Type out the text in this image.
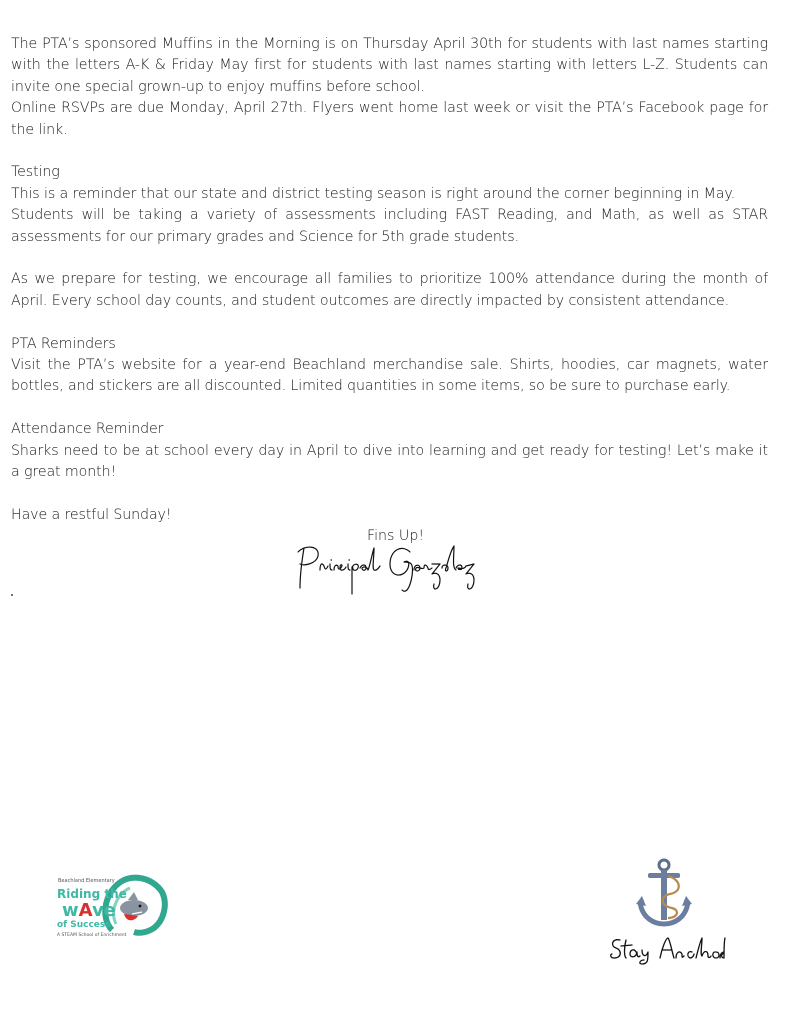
The PTA’s sponsored Muffins in the Morning is on Thursday April 30th for students with last names starting with the letters A-K & Friday May first for students with last names starting with letters L-Z. Students can invite one special grown-up to enjoy muffins before school.

Online RSVPs are due Monday, April 27th. Flyers went home last week or visit the PTA’s Facebook page for the link.

Testing

This is a reminder that our state and district testing season is right around the corner beginning in May.

Students will be taking a variety of assessments including FAST Reading, and Math, as well as STAR assessments for our primary grades and Science for 5th grade students.

As we prepare for testing, we encourage all families to prioritize 100% attendance during the month of April. Every school day counts, and student outcomes are directly impacted by consistent attendance.

PTA Reminders

Visit the PTA’s website for a year-end Beachland merchandise sale. Shirts, hoodies, car magnets, water bottles, and stickers are all discounted. Limited quantities in some items, so be sure to purchase early.

Attendance Reminder

Sharks need to be at school every day in April to dive into learning and get ready for testing! Let’s make it a great month!

Have a restful Sunday!

Fins Up!
Beachland Elementary
Riding the
wAve
of Success
A STEAM School of Enrichment
